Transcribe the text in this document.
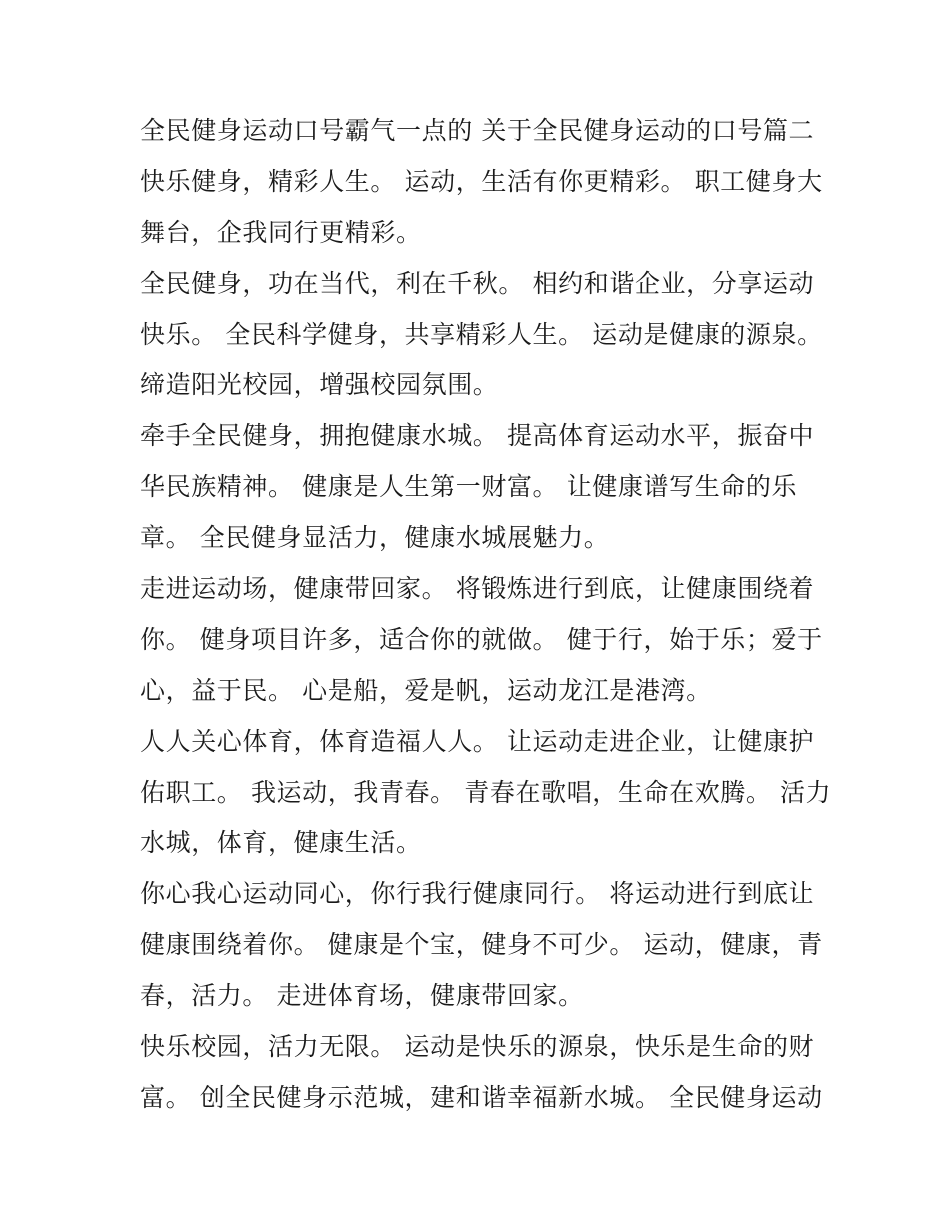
全民健身运动口号霸气一点的 关于全民健身运动的口号篇二
快乐健身，精彩人生。 运动，生活有你更精彩。 职工健身大
舞台，企我同行更精彩。
全民健身，功在当代，利在千秋。 相约和谐企业，分享运动
快乐。 全民科学健身，共享精彩人生。 运动是健康的源泉。
缔造阳光校园，增强校园氛围。
牵手全民健身，拥抱健康水城。 提高体育运动水平，振奋中
华民族精神。 健康是人生第一财富。 让健康谱写生命的乐
章。 全民健身显活力，健康水城展魅力。
走进运动场，健康带回家。 将锻炼进行到底，让健康围绕着
你。 健身项目许多，适合你的就做。 健于行，始于乐；爱于
心，益于民。 心是船，爱是帆，运动龙江是港湾。
人人关心体育，体育造福人人。 让运动走进企业，让健康护
佑职工。 我运动，我青春。 青春在歌唱，生命在欢腾。 活力
水城，体育，健康生活。
你心我心运动同心，你行我行健康同行。 将运动进行到底让
健康围绕着你。 健康是个宝，健身不可少。 运动，健康，青
春，活力。 走进体育场，健康带回家。
快乐校园，活力无限。 运动是快乐的源泉，快乐是生命的财
富。 创全民健身示范城，建和谐幸福新水城。 全民健身运动
